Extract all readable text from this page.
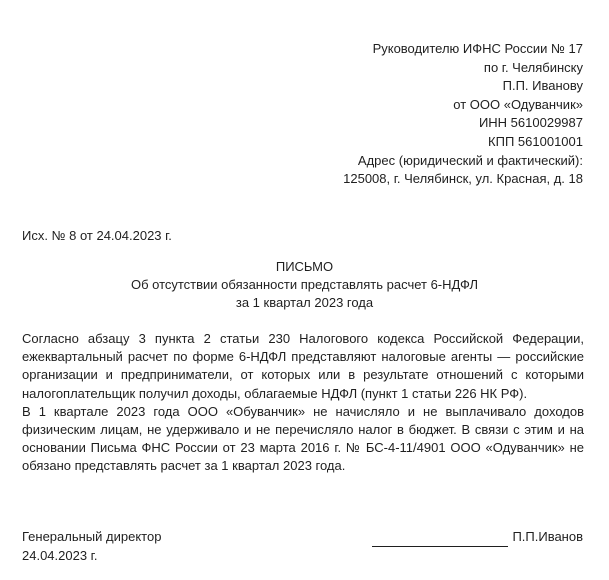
Руководителю ИФНС России № 17
по г. Челябинску
П.П. Иванову
от ООО «Одуванчик»
ИНН 5610029987
КПП 561001001
Адрес (юридический и фактический):
125008, г. Челябинск, ул. Красная, д. 18
Исх. № 8 от 24.04.2023 г.
ПИСЬМО
Об отсутствии обязанности представлять расчет 6-НДФЛ
за 1 квартал 2023 года

Согласно абзацу 3 пункта 2 статьи 230 Налогового кодекса Российской Федерации, ежеквартальный расчет по форме 6-НДФЛ представляют налоговые агенты — российские организации и предприниматели, от которых или в результате отношений с которыми налогоплательщик получил доходы, облагаемые НДФЛ (пункт 1 статьи 226 НК РФ).

В 1 квартале 2023 года ООО «Обуванчик» не начисляло и не выплачивало доходов физическим лицам, не удерживало и не перечисляло налог в бюджет. В связи с этим и на основании Письма ФНС России от 23 марта 2016 г. № БС-4-11/4901 ООО «Одуванчик» не обязано представлять расчет за 1 квартал 2023 года.

Генеральный директор
24.04.2023 г.
П.П.Иванов
